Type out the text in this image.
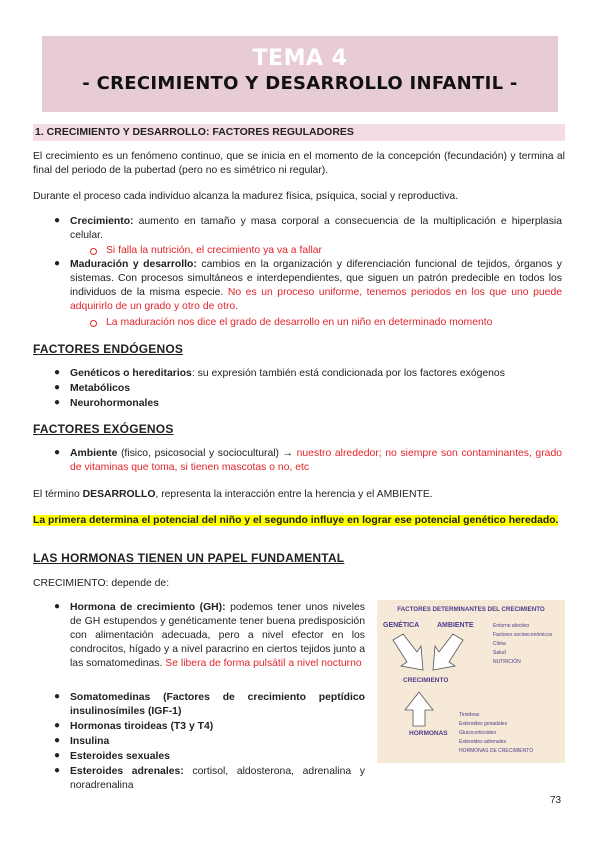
TEMA 4
- CRECIMIENTO Y DESARROLLO INFANTIL -
1. CRECIMIENTO Y DESARROLLO: FACTORES REGULADORES

El crecimiento es un fenómeno continuo, que se inicia en el momento de la concepción (fecundación) y termina al final del periodo de la pubertad (pero no es simétrico ni regular).

Durante el proceso cada individuo alcanza la madurez física, psíquica, social y reproductiva.

● Crecimiento: aumento en tamaño y masa corporal a consecuencia de la multiplicación e hiperplasia celular.
Si falla la nutrición, el crecimiento ya va a fallar
● Maduración y desarrollo: cambios en la organización y diferenciación funcional de tejidos, órganos y sistemas. Con procesos simultáneos e interdependientes, que siguen un patrón predecible en todos los individuos de la misma especie. No es un proceso uniforme, tenemos periodos en los que uno puede adquirirlo de un grado y otro de otro.
La maduración nos dice el grado de desarrollo en un niño en determinado momento
FACTORES ENDÓGENOS
● Genéticos o hereditarios: su expresión también está condicionada por los factores exógenos
● Metabólicos
● Neurohormonales
FACTORES EXÓGENOS
● Ambiente (fisico, psicosocial y sociocultural) → nuestro alrededor; no siempre son contaminantes, grado de vitaminas que toma, si tienen mascotas o no, etc

El término DESARROLLO, representa la interacción entre la herencia y el AMBIENTE.

La primera determina el potencial del niño y el segundo influye en lograr ese potencial genético heredado.

LAS HORMONAS TIENEN UN PAPEL FUNDAMENTAL

CRECIMIENTO: depende de:

● Hormona de crecimiento (GH): podemos tener unos niveles de GH estupendos y genéticamente tener buena predisposición con alimentación adecuada, pero a nivel efector en los condrocitos, hígado y a nivel paracrino en ciertos tejidos junto a las somatomedinas. Se libera de forma pulsátil a nivel nocturno
● Somatomedinas (Factores de crecimiento peptídico insulinosímiles (IGF-1)
● Hormonas tiroideas (T3 y T4)
● Insulina
● Esteroides sexuales
● Esteroides adrenales: cortisol, aldosterona, adrenalina y noradrenalina
FACTORES DETERMINANTES DEL CRECIMIENTO
GENÉTICA	AMBIENTE	Entorno afectivo
Factores socioeconómicos
Clima
Salud
NUTRICIÓN
CRECIMIENTO
HORMONAS
Tiroideas
Esteroides gonadales
Glucocorticoides
Esteroides adrenales
HORMONAS DE CRECIMIENTO
73
